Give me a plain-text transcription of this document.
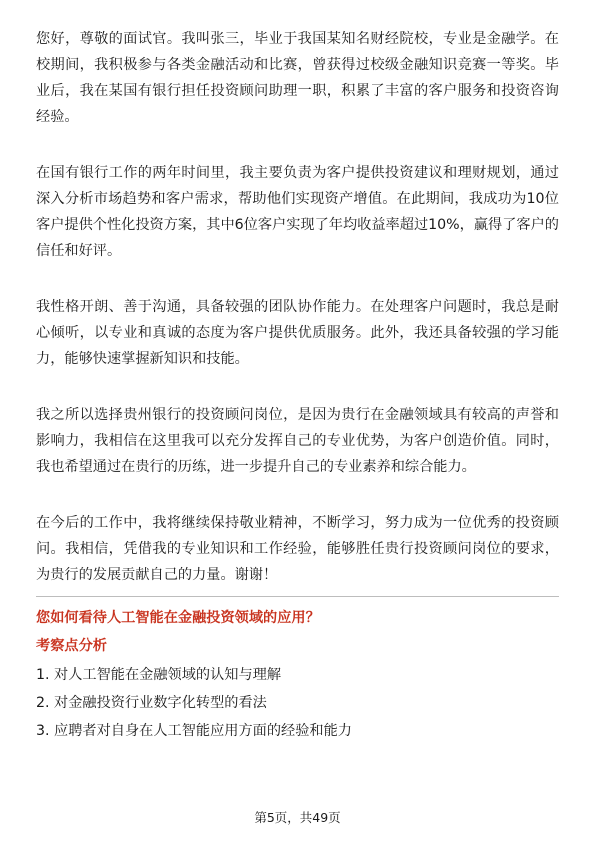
您好，尊敬的面试官。我叫张三，毕业于我国某知名财经院校，专业是金融学。在校期间，我积极参与各类金融活动和比赛，曾获得过校级金融知识竞赛一等奖。毕业后，我在某国有银行担任投资顾问助理一职，积累了丰富的客户服务和投资咨询经验。

在国有银行工作的两年时间里，我主要负责为客户提供投资建议和理财规划，通过深入分析市场趋势和客户需求，帮助他们实现资产增值。在此期间，我成功为10位客户提供个性化投资方案，其中6位客户实现了年均收益率超过10%，赢得了客户的信任和好评。

我性格开朗、善于沟通，具备较强的团队协作能力。在处理客户问题时，我总是耐心倾听，以专业和真诚的态度为客户提供优质服务。此外，我还具备较强的学习能力，能够快速掌握新知识和技能。

我之所以选择贵州银行的投资顾问岗位，是因为贵行在金融领域具有较高的声誉和影响力，我相信在这里我可以充分发挥自己的专业优势，为客户创造价值。同时，我也希望通过在贵行的历练，进一步提升自己的专业素养和综合能力。

在今后的工作中，我将继续保持敬业精神，不断学习，努力成为一位优秀的投资顾问。我相信，凭借我的专业知识和工作经验，能够胜任贵行投资顾问岗位的要求，为贵行的发展贡献自己的力量。谢谢！

您如何看待人工智能在金融投资领域的应用？
考察点分析

1. 对人工智能在金融领域的认知与理解

2. 对金融投资行业数字化转型的看法

3. 应聘者对自身在人工智能应用方面的经验和能力

第5页，共49页
